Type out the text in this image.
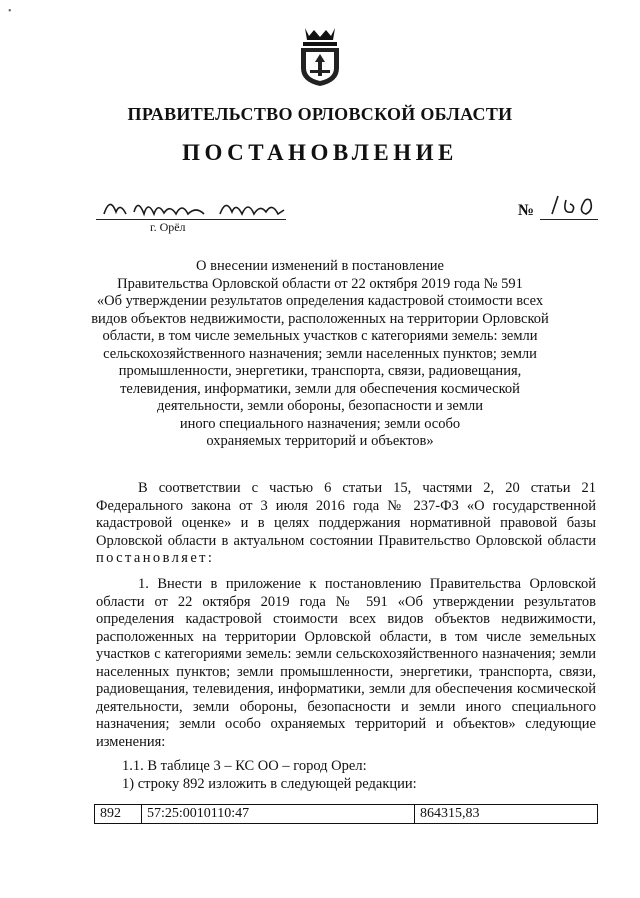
•
ПРАВИТЕЛЬСТВО ОРЛОВСКОЙ ОБЛАСТИ
ПОСТАНОВЛЕНИЕ
г. Орёл
№
О внесении изменений в постановление
Правительства Орловской области от 22 октября 2019 года № 591
«Об утверждении результатов определения кадастровой стоимости всех
видов объектов недвижимости, расположенных на территории Орловской
области, в том числе земельных участков с категориями земель: земли
сельскохозяйственного назначения; земли населенных пунктов; земли
промышленности, энергетики, транспорта, связи, радиовещания,
телевидения, информатики, земли для обеспечения космической
деятельности, земли обороны, безопасности и земли
иного специального назначения; земли особо
охраняемых территорий и объектов»

В соответствии с частью 6 статьи 15, частями 2, 20 статьи 21 Федерального закона от 3 июля 2016 года № 237-ФЗ «О государственной кадастровой оценке» и в целях поддержания нормативной правовой базы Орловской области в актуальном состоянии Правительство Орловской области постановляет:

1. Внести в приложение к постановлению Правительства Орловской области от 22 октября 2019 года № 591 «Об утверждении результатов определения кадастровой стоимости всех видов объектов недвижимости, расположенных на территории Орловской области, в том числе земельных участков с категориями земель: земли сельскохозяйственного назначения; земли населенных пунктов; земли промышленности, энергетики, транспорта, связи, радиовещания, телевидения, информатики, земли для обеспечения космической деятельности, земли обороны, безопасности и земли иного специального назначения; земли особо охраняемых территорий и объектов» следующие изменения:

1.1. В таблице 3 – КС ОО – город Орел:
1) строку 892 изложить в следующей редакции:
892	57:25:0010110:47	864315,83
